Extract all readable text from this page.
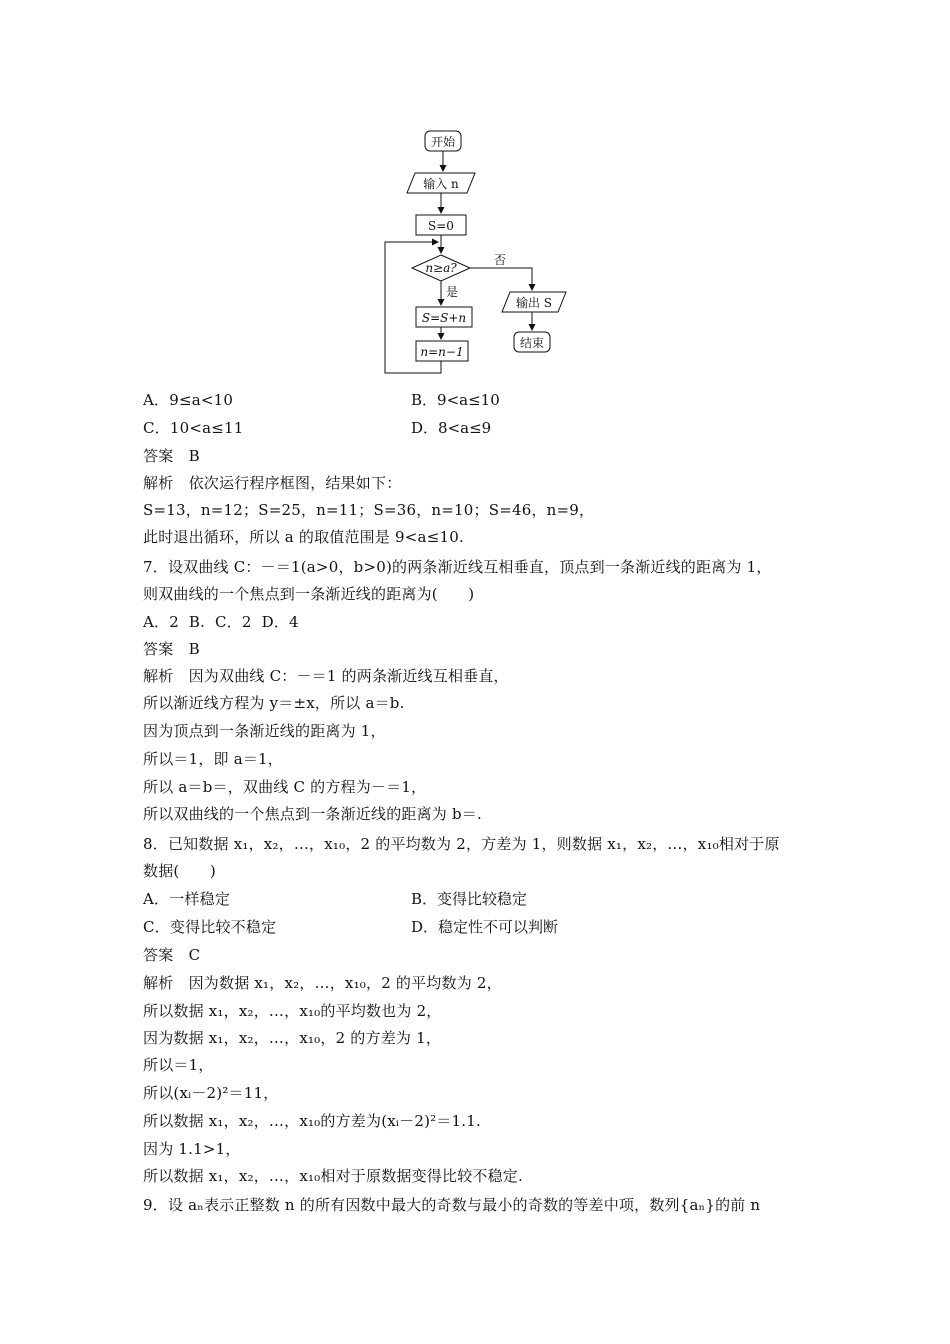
开始
输入 n
S=0
n≥a?
否
是
S=S+n
n=n−1
输出 S
结束
A．9≤a<10	B．9<a≤10
C．10<a≤11	D．8<a≤9
答案　B
解析　依次运行程序框图，结果如下：
S=13，n=12；S=25，n=11；S=36，n=10；S=46，n=9，
此时退出循环，所以 a 的取值范围是 9<a≤10.
7．设双曲线 C：－＝1(a>0，b>0)的两条渐近线互相垂直，顶点到一条渐近线的距离为 1，
则双曲线的一个焦点到一条渐近线的距离为(　　)
A．2  B.  C．2  D．4
答案　B
解析　因为双曲线 C：－＝1 的两条渐近线互相垂直，
所以渐近线方程为 y＝±x，所以 a＝b.
因为顶点到一条渐近线的距离为 1，
所以＝1，即 a＝1，
所以 a＝b＝，双曲线 C 的方程为－＝1，
所以双曲线的一个焦点到一条渐近线的距离为 b＝.
8．已知数据 x₁，x₂，…，x₁₀，2 的平均数为 2，方差为 1，则数据 x₁，x₂，…，x₁₀相对于原
数据(　　)
A．一样稳定	B．变得比较稳定
C．变得比较不稳定	D．稳定性不可以判断
答案　C
解析　因为数据 x₁，x₂，…，x₁₀，2 的平均数为 2，
所以数据 x₁，x₂，…，x₁₀的平均数也为 2，
因为数据 x₁，x₂，…，x₁₀，2 的方差为 1，
所以＝1，
所以(xᵢ－2)²＝11，
所以数据 x₁，x₂，…，x₁₀的方差为(xᵢ－2)²＝1.1.
因为 1.1>1，
所以数据 x₁，x₂，…，x₁₀相对于原数据变得比较不稳定.
9．设 aₙ表示正整数 n 的所有因数中最大的奇数与最小的奇数的等差中项，数列{aₙ}的前 n
